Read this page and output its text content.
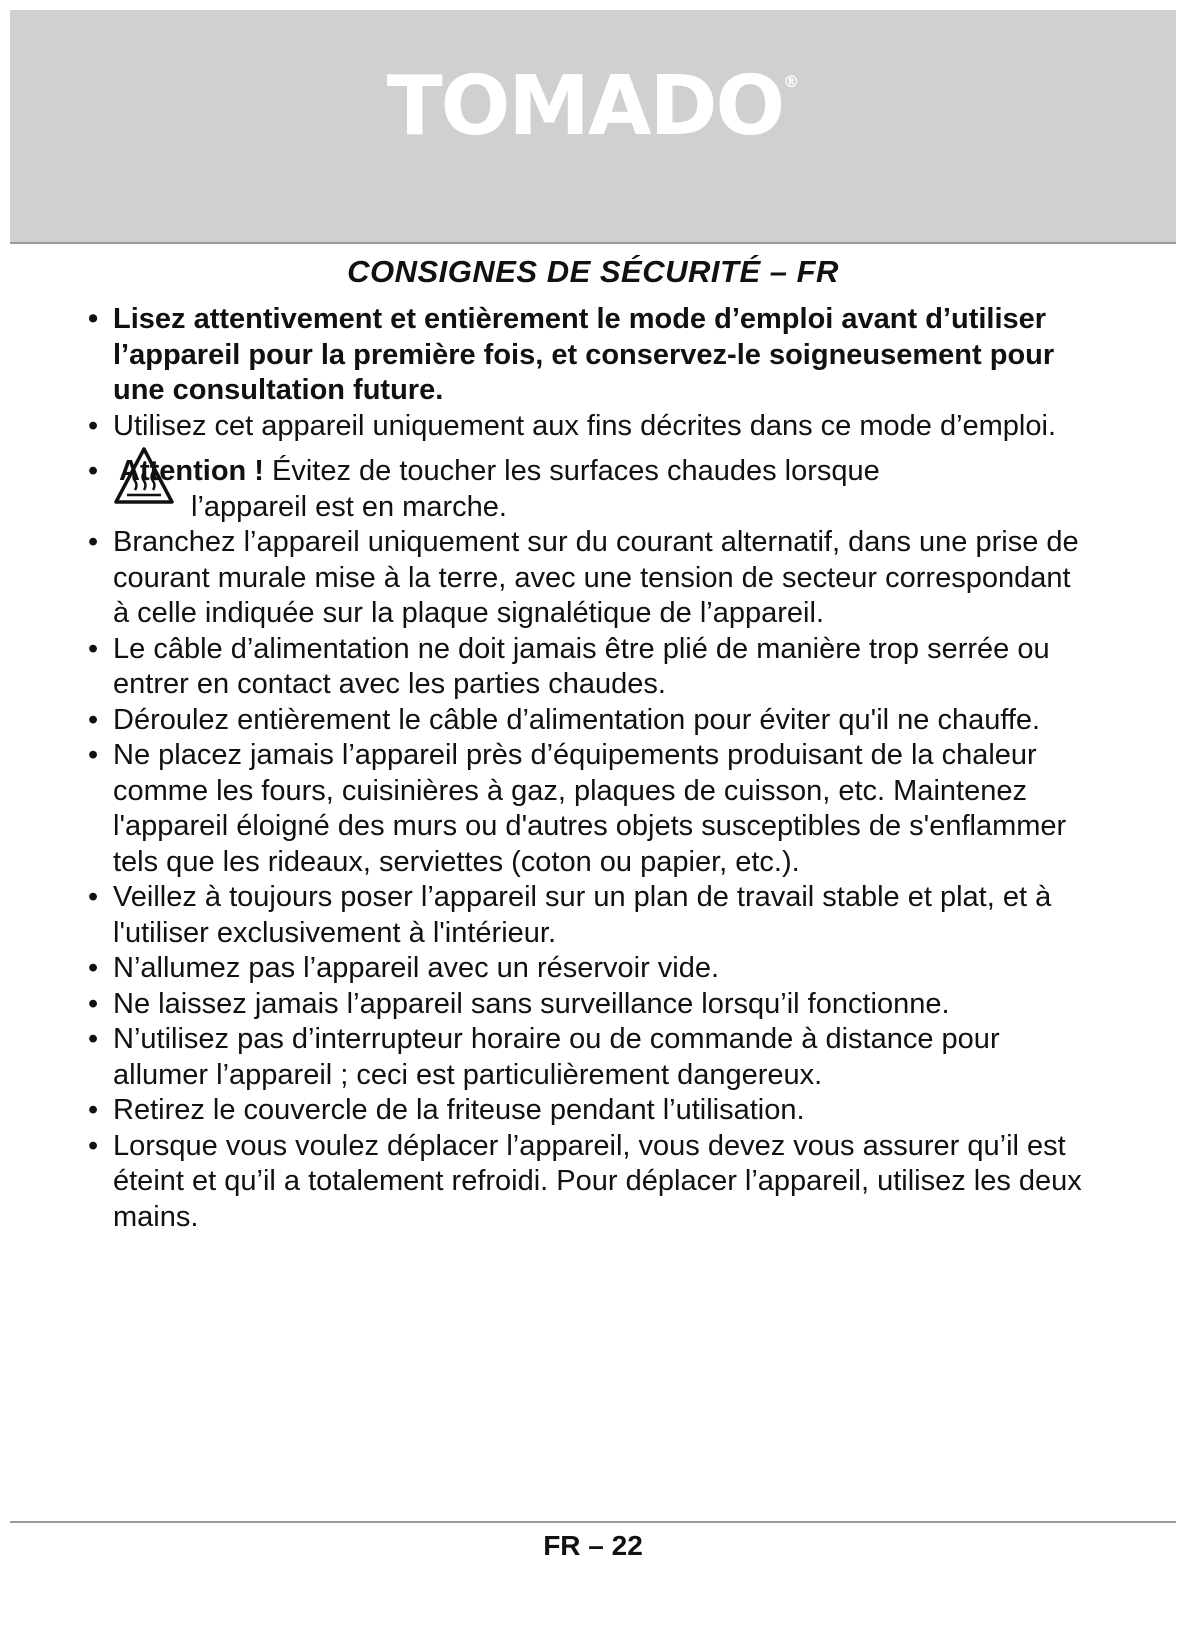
TOMADO®
CONSIGNES DE SÉCURITÉ – FR
• Lisez attentivement et entièrement le mode d’emploi avant d’utiliser l’appareil pour la première fois, et conservez-le soigneusement pour une consultation future.
• Utilisez cet appareil uniquement aux fins décrites dans ce mode d’emploi.
• Attention ! Évitez de toucher les surfaces chaudes lorsque
l’appareil est en marche.
• Branchez l’appareil uniquement sur du courant alternatif, dans une prise de courant murale mise à la terre, avec une tension de secteur correspondant à celle indiquée sur la plaque signalétique de l’appareil.
• Le câble d’alimentation ne doit jamais être plié de manière trop serrée ou entrer en contact avec les parties chaudes.
• Déroulez entièrement le câble d’alimentation pour éviter qu'il ne chauffe.
• Ne placez jamais l’appareil près d’équipements produisant de la chaleur comme les fours, cuisinières à gaz, plaques de cuisson, etc. Maintenez l'appareil éloigné des murs ou d'autres objets susceptibles de s'enflammer tels que les rideaux, serviettes (coton ou papier, etc.).
• Veillez à toujours poser l’appareil sur un plan de travail stable et plat, et à l'utiliser exclusivement à l'intérieur.
• N’allumez pas l’appareil avec un réservoir vide.
• Ne laissez jamais l’appareil sans surveillance lorsqu’il fonctionne.
• N’utilisez pas d’interrupteur horaire ou de commande à distance pour allumer l’appareil ; ceci est particulièrement dangereux.
• Retirez le couvercle de la friteuse pendant l’utilisation.
• Lorsque vous voulez déplacer l’appareil, vous devez vous assurer qu’il est éteint et qu’il a totalement refroidi. Pour déplacer l’appareil, utilisez les deux mains.
FR – 22
